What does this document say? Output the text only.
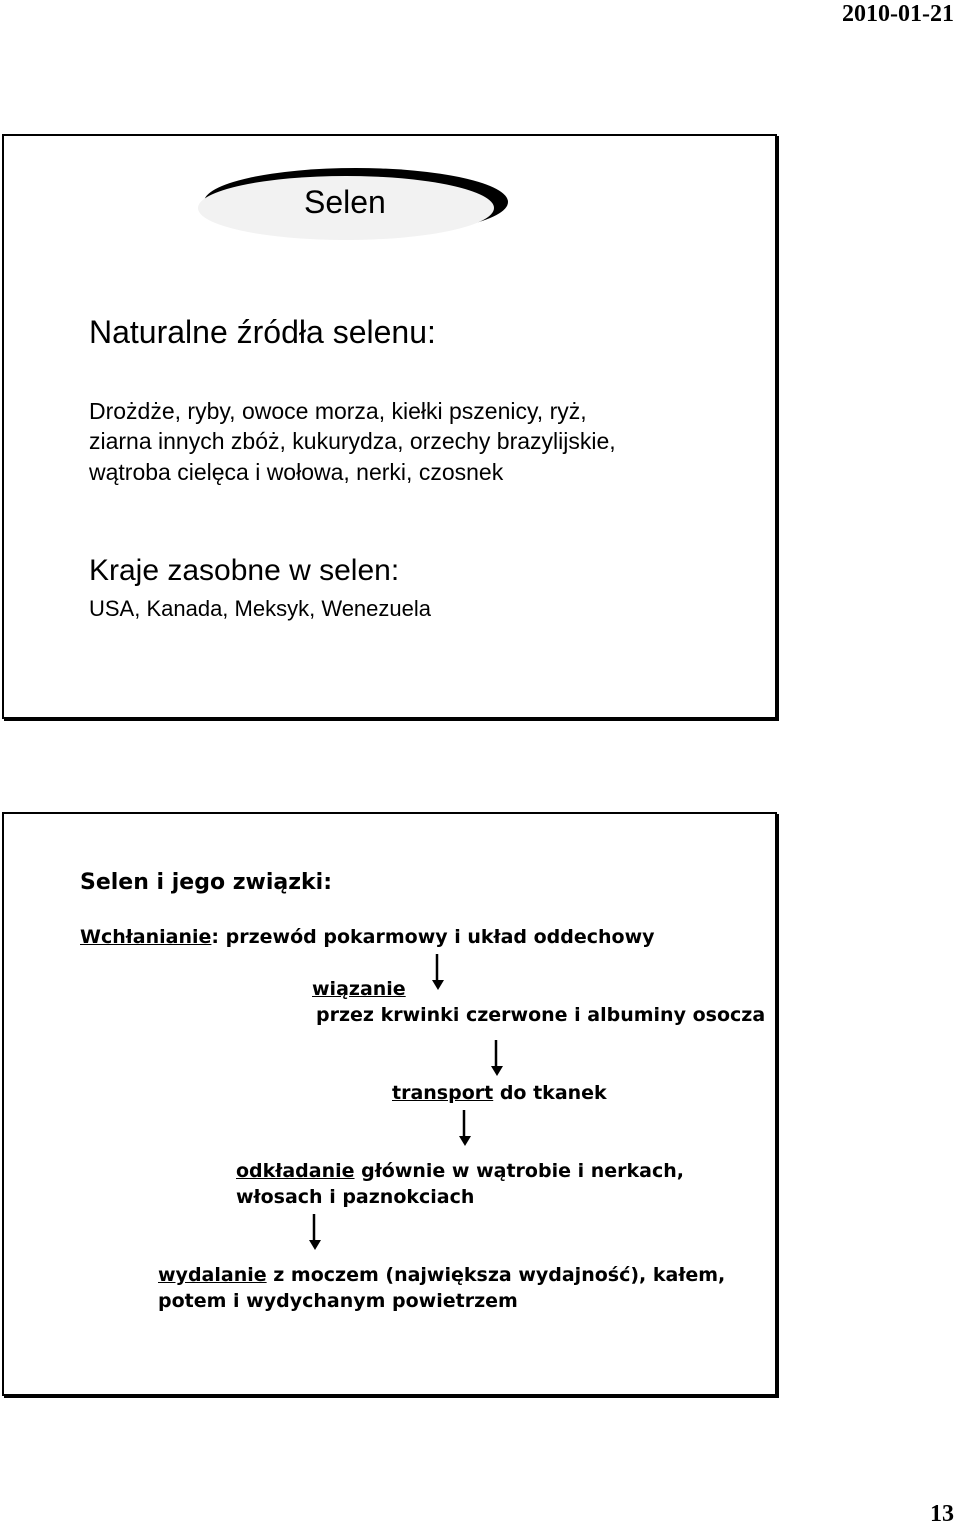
2010-01-21
Selen
Naturalne źródła selenu:
Drożdże, ryby, owoce morza, kiełki pszenicy, ryż,
ziarna innych zbóż, kukurydza, orzechy brazylijskie,
wątroba cielęca i wołowa, nerki, czosnek
Kraje zasobne w selen:
USA, Kanada, Meksyk, Wenezuela
Selen i jego związki:
Wchłanianie: przewód pokarmowy i układ oddechowy
wiązanie
przez krwinki czerwone i albuminy osocza
transport do tkanek
odkładanie głównie w wątrobie i nerkach,
włosach i paznokciach
wydalanie z moczem (największa wydajność), kałem,
potem i wydychanym powietrzem
13
